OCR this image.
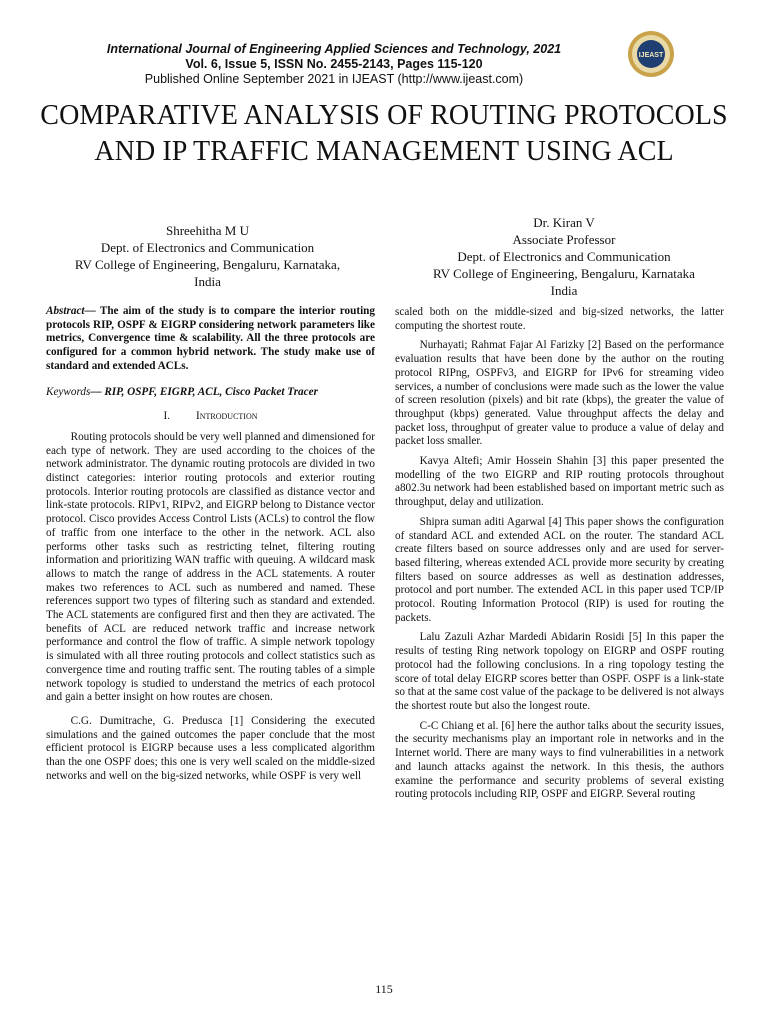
International Journal of Engineering Applied Sciences and Technology, 2021
Vol. 6, Issue 5, ISSN No. 2455-2143, Pages 115-120
Published Online September 2021 in IJEAST (http://www.ijeast.com)
IJEAST
COMPARATIVE ANALYSIS OF ROUTING PROTOCOLS AND IP TRAFFIC MANAGEMENT USING ACL
Shreehitha M U
Dept. of Electronics and Communication
RV College of Engineering, Bengaluru, Karnataka,
India
Dr. Kiran V
Associate Professor
Dept. of Electronics and Communication
RV College of Engineering, Bengaluru, Karnataka
India

Abstract— The aim of the study is to compare the interior routing protocols RIP, OSPF & EIGRP considering network parameters like metrics, Convergence time & scalability. All the three protocols are configured for a common hybrid network. The study make use of standard and extended ACLs.

Keywords— RIP, OSPF, EIGRP, ACL, Cisco Packet Tracer

I. Introduction

Routing protocols should be very well planned and dimensioned for each type of network. They are used according to the choices of the network administrator. The dynamic routing protocols are divided in two distinct categories: interior routing protocols and exterior routing protocols. Interior routing protocols are classified as distance vector and link-state protocols. RIPv1, RIPv2, and EIGRP belong to Distance vector protocol. Cisco provides Access Control Lists (ACLs) to control the flow of traffic from one interface to the other in the network. ACL also performs other tasks such as restricting telnet, filtering routing information and prioritizing WAN traffic with queuing. A wildcard mask allows to match the range of address in the ACL statements. A router makes two references to ACL such as numbered and named. These references support two types of filtering such as standard and extended. The ACL statements are configured first and then they are activated. The benefits of ACL are reduced network traffic and increase network performance and control the flow of traffic. A simple network topology is simulated with all three routing protocols and collect statistics such as convergence time and routing traffic sent. The routing tables of a simple network topology is studied to understand the metrics of each protocol and gain a better insight on how routes are chosen.

C.G. Dumitrache, G. Predusca [1] Considering the executed simulations and the gained outcomes the paper conclude that the most efficient protocol is EIGRP because uses a less complicated algorithm than the one OSPF does; this one is very well scaled on the middle-sized networks and well on the big-sized networks, while OSPF is very well

scaled both on the middle-sized and big-sized networks, the latter computing the shortest route.

Nurhayati; Rahmat Fajar Al Farizky [2] Based on the performance evaluation results that have been done by the author on the routing protocol RIPng, OSPFv3, and EIGRP for IPv6 for streaming video services, a number of conclusions were made such as the lower the value of screen resolution (pixels) and bit rate (kbps), the greater the value of throughput (kbps) generated. Value throughput affects the delay and packet loss, throughput of greater value to produce a value of delay and packet loss smaller.

Kavya Altefi; Amir Hossein Shahin [3] this paper presented the modelling of the two EIGRP and RIP routing protocols throughout a802.3u network had been established based on important metric such as throughput, delay and utilization.

Shipra suman aditi Agarwal [4] This paper shows the configuration of standard ACL and extended ACL on the router. The standard ACL create filters based on source addresses only and are used for server-based filtering, whereas extended ACL provide more security by creating filters based on source addresses as well as destination addresses, protocol and port number. The extended ACL in this paper used TCP/IP protocol. Routing Information Protocol (RIP) is used for routing the packets.

Lalu Zazuli Azhar Mardedi Abidarin Rosidi [5] In this paper the results of testing Ring network topology on EIGRP and OSPF routing protocol had the following conclusions. In a ring topology testing the score of total delay EIGRP scores better than OSPF. OSPF is a link-state so that at the same cost value of the package to be delivered is not always the shortest route but also the longest route.

C-C Chiang et al. [6] here the author talks about the security issues, the security mechanisms play an important role in networks and in the Internet world. There are many ways to find vulnerabilities in a network and launch attacks against the network. In this thesis, the authors examine the performance and security problems of several existing routing protocols including RIP, OSPF and EIGRP. Several routing

115
